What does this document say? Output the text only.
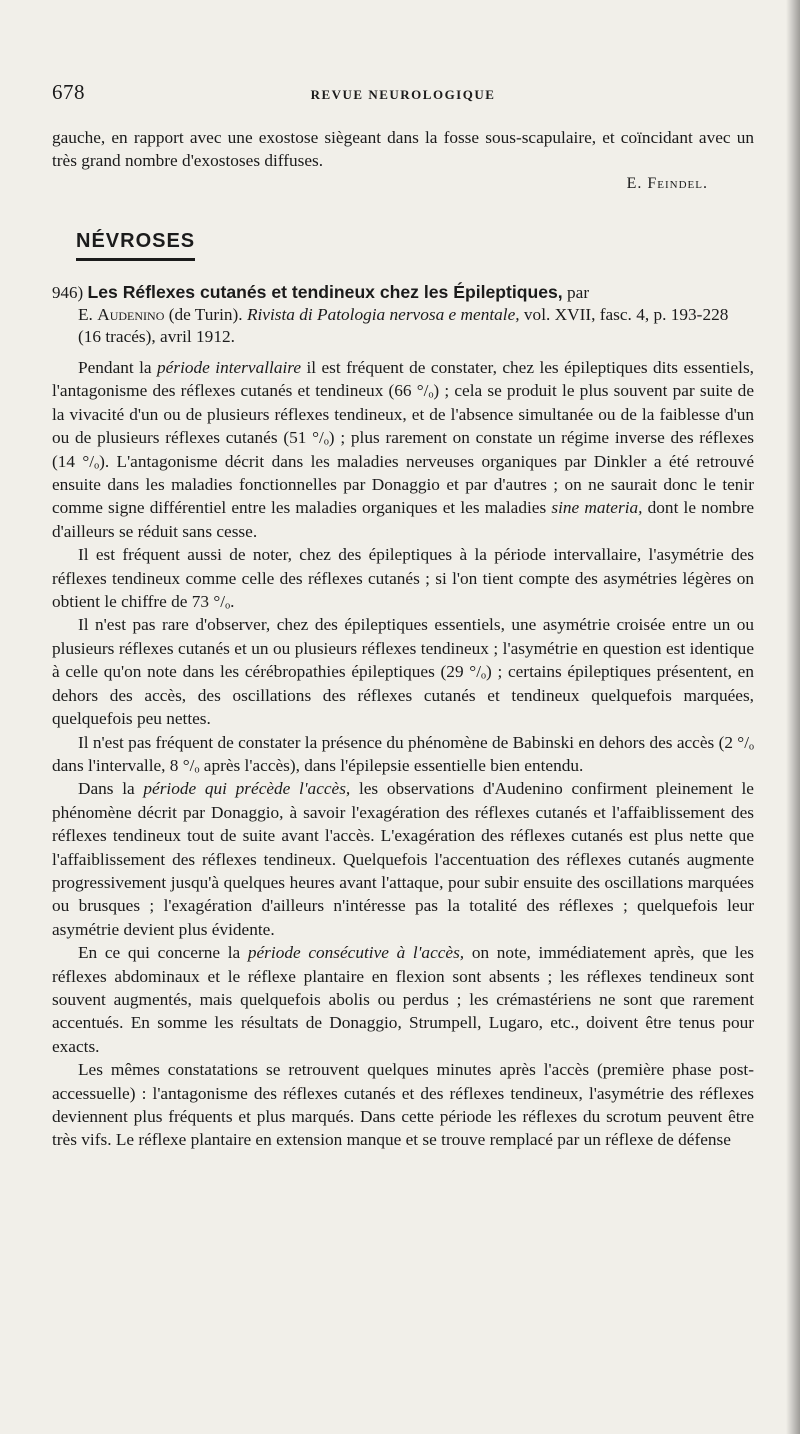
678	REVUE NEUROLOGIQUE

gauche, en rapport avec une exostose siègeant dans la fosse sous-scapulaire, et coïncidant avec un très grand nombre d'exostoses diffuses.

E. Feindel.
NÉVROSES

946) Les Réflexes cutanés et tendineux chez les Épileptiques, par

E. Audenino (de Turin). Rivista di Patologia nervosa e mentale, vol. XVII, fasc. 4, p. 193-228 (16 tracés), avril 1912.

Pendant la période intervallaire il est fréquent de constater, chez les épileptiques dits essentiels, l'antagonisme des réflexes cutanés et tendineux (66 °/ₒ) ; cela se produit le plus souvent par suite de la vivacité d'un ou de plusieurs réflexes tendineux, et de l'absence simultanée ou de la faiblesse d'un ou de plusieurs réflexes cutanés (51 °/ₒ) ; plus rarement on constate un régime inverse des réflexes (14 °/ₒ). L'antagonisme décrit dans les maladies nerveuses organiques par Dinkler a été retrouvé ensuite dans les maladies fonctionnelles par Donaggio et par d'autres ; on ne saurait donc le tenir comme signe différentiel entre les maladies organiques et les maladies sine materia, dont le nombre d'ailleurs se réduit sans cesse.

Il est fréquent aussi de noter, chez des épileptiques à la période intervallaire, l'asymétrie des réflexes tendineux comme celle des réflexes cutanés ; si l'on tient compte des asymétries légères on obtient le chiffre de 73 °/ₒ.

Il n'est pas rare d'observer, chez des épileptiques essentiels, une asymétrie croisée entre un ou plusieurs réflexes cutanés et un ou plusieurs réflexes tendineux ; l'asymétrie en question est identique à celle qu'on note dans les cérébropathies épileptiques (29 °/ₒ) ; certains épileptiques présentent, en dehors des accès, des oscillations des réflexes cutanés et tendineux quelquefois marquées, quelquefois peu nettes.

Il n'est pas fréquent de constater la présence du phénomène de Babinski en dehors des accès (2 °/ₒ dans l'intervalle, 8 °/ₒ après l'accès), dans l'épilepsie essentielle bien entendu.

Dans la période qui précède l'accès, les observations d'Audenino confirment pleinement le phénomène décrit par Donaggio, à savoir l'exagération des réflexes cutanés et l'affaiblissement des réflexes tendineux tout de suite avant l'accès. L'exagération des réflexes cutanés est plus nette que l'affaiblissement des réflexes tendineux. Quelquefois l'accentuation des réflexes cutanés augmente progressivement jusqu'à quelques heures avant l'attaque, pour subir ensuite des oscillations marquées ou brusques ; l'exagération d'ailleurs n'intéresse pas la totalité des réflexes ; quelquefois leur asymétrie devient plus évidente.

En ce qui concerne la période consécutive à l'accès, on note, immédiatement après, que les réflexes abdominaux et le réflexe plantaire en flexion sont absents ; les réflexes tendineux sont souvent augmentés, mais quelquefois abolis ou perdus ; les crémastériens ne sont que rarement accentués. En somme les résultats de Donaggio, Strumpell, Lugaro, etc., doivent être tenus pour exacts.

Les mêmes constatations se retrouvent quelques minutes après l'accès (première phase post-accessuelle) : l'antagonisme des réflexes cutanés et des réflexes tendineux, l'asymétrie des réflexes deviennent plus fréquents et plus marqués. Dans cette période les réflexes du scrotum peuvent être très vifs. Le réflexe plantaire en extension manque et se trouve remplacé par un réflexe de défense
